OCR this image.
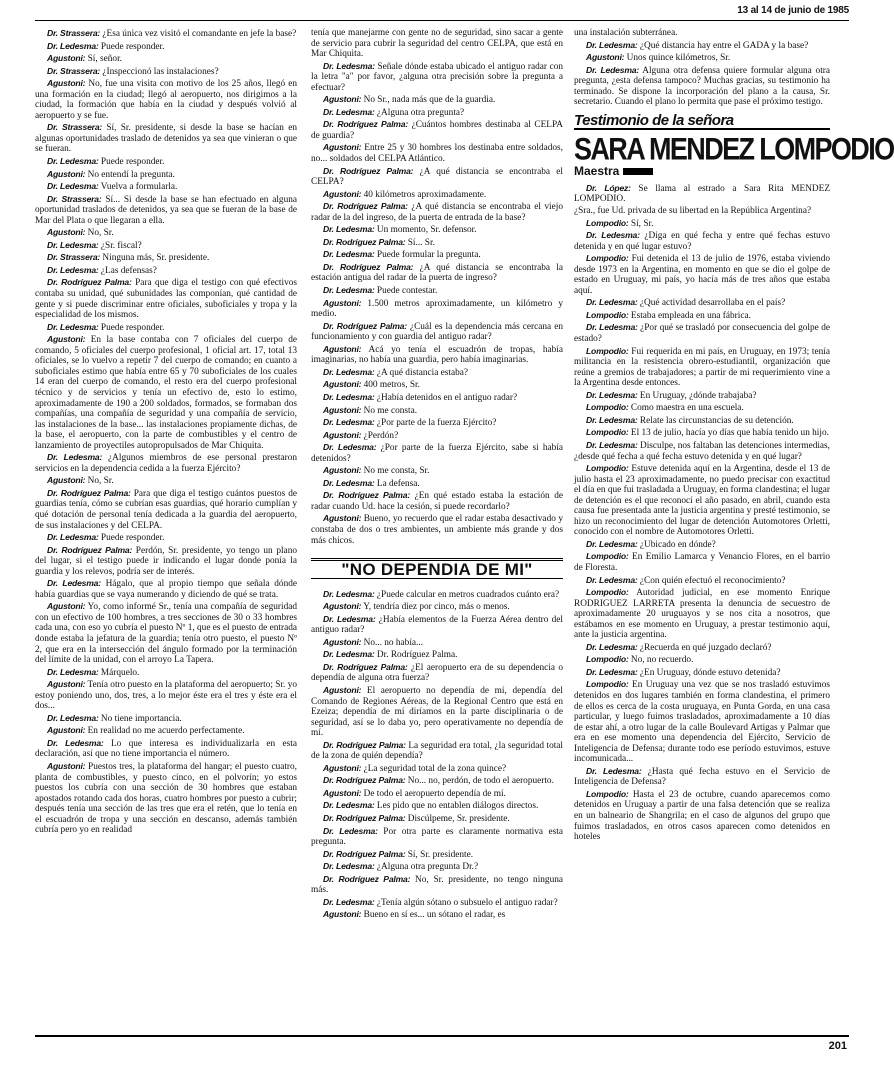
13 al 14 de junio de 1985

Dr. Strassera: ¿Esa única vez visitó el comandante en jefe la base?

Dr. Ledesma: Puede responder.

Agustoni: Sí, señor.

Dr. Strassera: ¿Inspeccionó las instalaciones?

Agustoni: No, fue una visita con motivo de los 25 años, llegó en una formación en la ciudad; llegó al aeropuerto, nos dirigimos a la ciudad, la formación que había en la ciudad y después volvió al aeropuerto y se fue.

Dr. Strassera: Sí, Sr. presidente, si desde la base se hacían en algunas oportunidades traslado de detenidos ya sea que vinieran o que se fueran.

Dr. Ledesma: Puede responder.

Agustoni: No entendí la pregunta.

Dr. Ledesma: Vuelva a formularla.

Dr. Strassera: Sí... Si desde la base se han efectuado en alguna oportunidad traslados de detenidos, ya sea que se fueran de la base de Mar del Plata o que llegaran a ella.

Agustoni: No, Sr.

Dr. Ledesma: ¿Sr. fiscal?

Dr. Strassera: Ninguna más, Sr. presidente.

Dr. Ledesma: ¿Las defensas?

Dr. Rodríguez Palma: Para que diga el testigo con qué efectivos contaba su unidad, qué subunidades las componían, qué cantidad de gente y si puede discriminar entre oficiales, suboficiales y tropa y la especialidad de los mismos.

Dr. Ledesma: Puede responder.

Agustoni: En la base contaba con 7 oficiales del cuerpo de comando, 5 oficiales del cuerpo profesional, 1 oficial art. 17, total 13 oficiales, se lo vuelvo a repetir 7 del cuerpo de comando; en cuanto a suboficiales estimo que había entre 65 y 70 suboficiales de los cuales 14 eran del cuerpo de comando, el resto era del cuerpo profesional técnico y de servicios y tenía un efectivo de, esto lo estimo, aproximadamente de 190 a 200 soldados, formados, se formaban dos compañías, una compañía de seguridad y una compañía de servicio, las instalaciones de la base... las instalaciones propiamente dichas, de la base, el aeropuerto, con la parte de combustibles y el centro de lanzamiento de proyectiles autopropulsados de Mar Chiquita.

Dr. Ledesma: ¿Algunos miembros de ese personal prestaron servicios en la dependencia cedida a la fuerza Ejército?

Agustoni: No, Sr.

Dr. Rodríguez Palma: Para que diga el testigo cuántos puestos de guardias tenía, cómo se cubrían esas guardias, qué horario cumplían y qué dotación de personal tenía dedicada a la guardia del aeropuerto, de sus instalaciones y del CELPA.

Dr. Ledesma: Puede responder.

Dr. Rodríguez Palma: Perdón, Sr. presidente, yo tengo un plano del lugar, si el testigo puede ir indicando el lugar donde ponía la guardia y los relevos, podría ser de interés.

Dr. Ledesma: Hágalo, que al propio tiempo que señala dónde había guardias que se vaya numerando y diciendo de qué se trata.

Agustoni: Yo, como informé Sr., tenía una compañía de seguridad con un efectivo de 100 hombres, a tres secciones de 30 o 33 hombres cada una, con eso yo cubría el puesto Nº 1, que es el puesto de entrada donde estaba la jefatura de la guardia; tenía otro puesto, el puesto Nº 2, que era en la intersección del ángulo formado por la terminación del límite de la unidad, con el arroyo La Tapera.

Dr. Ledesma: Márquelo.

Agustoni: Tenía otro puesto en la plataforma del aeropuerto; Sr. yo estoy poniendo uno, dos, tres, a lo mejor éste era el tres y éste era el dos...

Dr. Ledesma: No tiene importancia.

Agustoni: En realidad no me acuerdo perfectamente.

Dr. Ledesma: Lo que interesa es individualizarla en esta declaración, así que no tiene importancia el número.

Agustoni: Puestos tres, la plataforma del hangar; el puesto cuatro, planta de combustibles, y puesto cinco, en el polvorín; yo estos puestos los cubría con una sección de 30 hombres que estaban apostados rotando cada dos horas, cuatro hombres por puesto a cubrir; después tenía una sección de las tres que era el retén, que lo tenía en el escuadrón de tropa y una sección en descanso, además también cubría pero yo en realidad

tenía que manejarme con gente no de seguridad, sino sacar a gente de servicio para cubrir la seguridad del centro CELPA, que está en Mar Chiquita.

Dr. Ledesma: Señale dónde estaba ubicado el antiguo radar con la letra "a" por favor, ¿alguna otra precisión sobre la pregunta a efectuar?

Agustoni: No Sr., nada más que de la guardia.

Dr. Ledesma: ¿Alguna otra pregunta?

Dr. Rodríguez Palma: ¿Cuántos hombres destinaba al CELPA de guardia?

Agustoni: Entre 25 y 30 hombres los destinaba entre soldados, no... soldados del CELPA Atlántico.

Dr. Rodríguez Palma: ¿A qué distancia se encontraba el CELPA?

Agustoni: 40 kilómetros aproximadamente.

Dr. Rodríguez Palma: ¿A qué distancia se encontraba el viejo radar de la del ingreso, de la puerta de entrada de la base?

Dr. Ledesma: Un momento, Sr. defensor.

Dr. Rodríguez Palma: Sí... Sr.

Dr. Ledesma: Puede formular la pregunta.

Dr. Rodríguez Palma: ¿A qué distancia se encontraba la estación antigua del radar de la puerta de ingreso?

Dr. Ledesma: Puede contestar.

Agustoni: 1.500 metros aproximadamente, un kilómetro y medio.

Dr. Rodríguez Palma: ¿Cuál es la dependencia más cercana en funcionamiento y con guardia del antiguo radar?

Agustoni: Acá yo tenía el escuadrón de tropas, había imaginarias, no había una guardia, pero había imaginarias.

Dr. Ledesma: ¿A qué distancia estaba?

Agustoni: 400 metros, Sr.

Dr. Ledesma: ¿Había detenidos en el antiguo radar?

Agustoni: No me consta.

Dr. Ledesma: ¿Por parte de la fuerza Ejército?

Agustoni: ¿Perdón?

Dr. Ledesma: ¿Por parte de la fuerza Ejército, sabe si había detenidos?

Agustoni: No me consta, Sr.

Dr. Ledesma: La defensa.

Dr. Rodríguez Palma: ¿En qué estado estaba la estación de radar cuando Ud. hace la cesión, si puede recordarlo?

Agustoni: Bueno, yo recuerdo que el radar estaba desactivado y constaba de dos o tres ambientes, un ambiente más grande y dos más chicos.

"NO DEPENDIA DE MI"

Dr. Ledesma: ¿Puede calcular en metros cuadrados cuánto era?

Agustoni: Y, tendría diez por cinco, más o menos.

Dr. Ledesma: ¿Había elementos de la Fuerza Aérea dentro del antiguo radar?

Agustoni: No... no había...

Dr. Ledesma: Dr. Rodríguez Palma.

Dr. Rodríguez Palma: ¿El aeropuerto era de su dependencia o dependía de alguna otra fuerza?

Agustoni: El aeropuerto no dependía de mí, dependía del Comando de Regiones Aéreas, de la Regional Centro que está en Ezeiza; dependía de mí diríamos en la parte disciplinaria o de seguridad, así se lo daba yo, pero operativamente no dependía de mí.

Dr. Rodríguez Palma: La seguridad era total, ¿la seguridad total de la zona de quién dependía?

Agustoni: ¿La seguridad total de la zona quince?

Dr. Rodríguez Palma: No... no, perdón, de todo el aeropuerto.

Agustoni: De todo el aeropuerto dependía de mí.

Dr. Ledesma: Les pido que no entablen diálogos directos.

Dr. Rodríguez Palma: Discúlpeme, Sr. presidente.

Dr. Ledesma: Por otra parte es claramente normativa esta pregunta.

Dr. Rodríguez Palma: Sí, Sr. presidente.

Dr. Ledesma: ¿Alguna otra pregunta Dr.?

Dr. Rodríguez Palma: No, Sr. presidente, no tengo ninguna más.

Dr. Ledesma: ¿Tenía algún sótano o subsuelo el antiguo radar?

Agustoni: Bueno en sí es... un sótano el radar, es

una instalación subterránea.

Dr. Ledesma: ¿Qué distancia hay entre el GADA y la base?

Agustoni: Unos quince kilómetros, Sr.

Dr. Ledesma: Alguna otra defensa quiere formular alguna otra pregunta, ¿esta defensa tampoco? Muchas gracias, su testimonio ha terminado. Se dispone la incorporación del plano a la causa, Sr. secretario. Cuando el plano lo permita que pase el próximo testigo.

Testimonio de la señora
SARA MENDEZ LOMPODIO
Maestra

Dr. López: Se llama al estrado a Sara Rita MENDEZ LOMPODIO.

¿Sra., fue Ud. privada de su libertad en la República Argentina?

Lompodio: Sí, Sr.

Dr. Ledesma: ¿Diga en qué fecha y entre qué fechas estuvo detenida y en qué lugar estuvo?

Lompodio: Fui detenida el 13 de julio de 1976, estaba viviendo desde 1973 en la Argentina, en momento en que se dio el golpe de estado en Uruguay, mi país, yo hacía más de tres años que estaba aquí.

Dr. Ledesma: ¿Qué actividad desarrollaba en el país?

Lompodio: Estaba empleada en una fábrica.

Dr. Ledesma: ¿Por qué se trasladó por consecuencia del golpe de estado?

Lompodio: Fui requerida en mi país, en Uruguay, en 1973; tenía militancia en la resistencia obrero-estudiantil, organización que reúne a gremios de trabajadores; a partir de mi requerimiento vine a la Argentina desde entonces.

Dr. Ledesma: En Uruguay, ¿dónde trabajaba?

Lompodio: Como maestra en una escuela.

Dr. Ledesma: Relate las circunstancias de su detención.

Lompodio: El 13 de julio, hacía yo días que había tenido un hijo.

Dr. Ledesma: Disculpe, nos faltaban las detenciones intermedias, ¿desde qué fecha a qué fecha estuvo detenida y en qué lugar?

Lompodio: Estuve detenida aquí en la Argentina, desde el 13 de julio hasta el 23 aproximadamente, no puedo precisar con exactitud el día en que fui trasladada a Uruguay, en forma clandestina; el lugar de detención es el que reconocí el año pasado, en abril, cuando esta causa fue presentada ante la justicia argentina y presté testimonio, se hizo un reconocimiento del lugar de detención Automotores Orletti, conocido con el nombre de Automotores Orletti.

Dr. Ledesma: ¿Ubicado en dónde?

Lompodio: En Emilio Lamarca y Venancio Flores, en el barrio de Floresta.

Dr. Ledesma: ¿Con quién efectuó el reconocimiento?

Lompodio: Autoridad judicial, en ese momento Enrique RODRIGUEZ LARRETA presenta la denuncia de secuestro de aproximadamente 20 uruguayos y se nos cita a nosotros, que estábamos en ese momento en Uruguay, a prestar testimonio aquí, ante la justicia argentina.

Dr. Ledesma: ¿Recuerda en qué juzgado declaró?

Lompodio: No, no recuerdo.

Dr. Ledesma: ¿En Uruguay, dónde estuvo detenida?

Lompodio: En Uruguay una vez que se nos trasladó estuvimos detenidos en dos lugares también en forma clandestina, el primero de ellos es cerca de la costa uruguaya, en Punta Gorda, en una casa particular, y luego fuimos trasladados, aproximadamente a 10 días de estar ahí, a otro lugar de la calle Boulevard Artigas y Palmar que era en ese momento una dependencia del Ejército, Servicio de Inteligencia de Defensa; durante todo ese período estuvimos, estuve incomunicada...

Dr. Ledesma: ¿Hasta qué fecha estuvo en el Servicio de Inteligencia de Defensa?

Lompodio: Hasta el 23 de octubre, cuando aparecemos como detenidos en Uruguay a partir de una falsa detención que se realiza en un balneario de Shangrila; en el caso de algunos del grupo que fuimos trasladados, en otros casos aparecen como detenidos en hoteles

201
